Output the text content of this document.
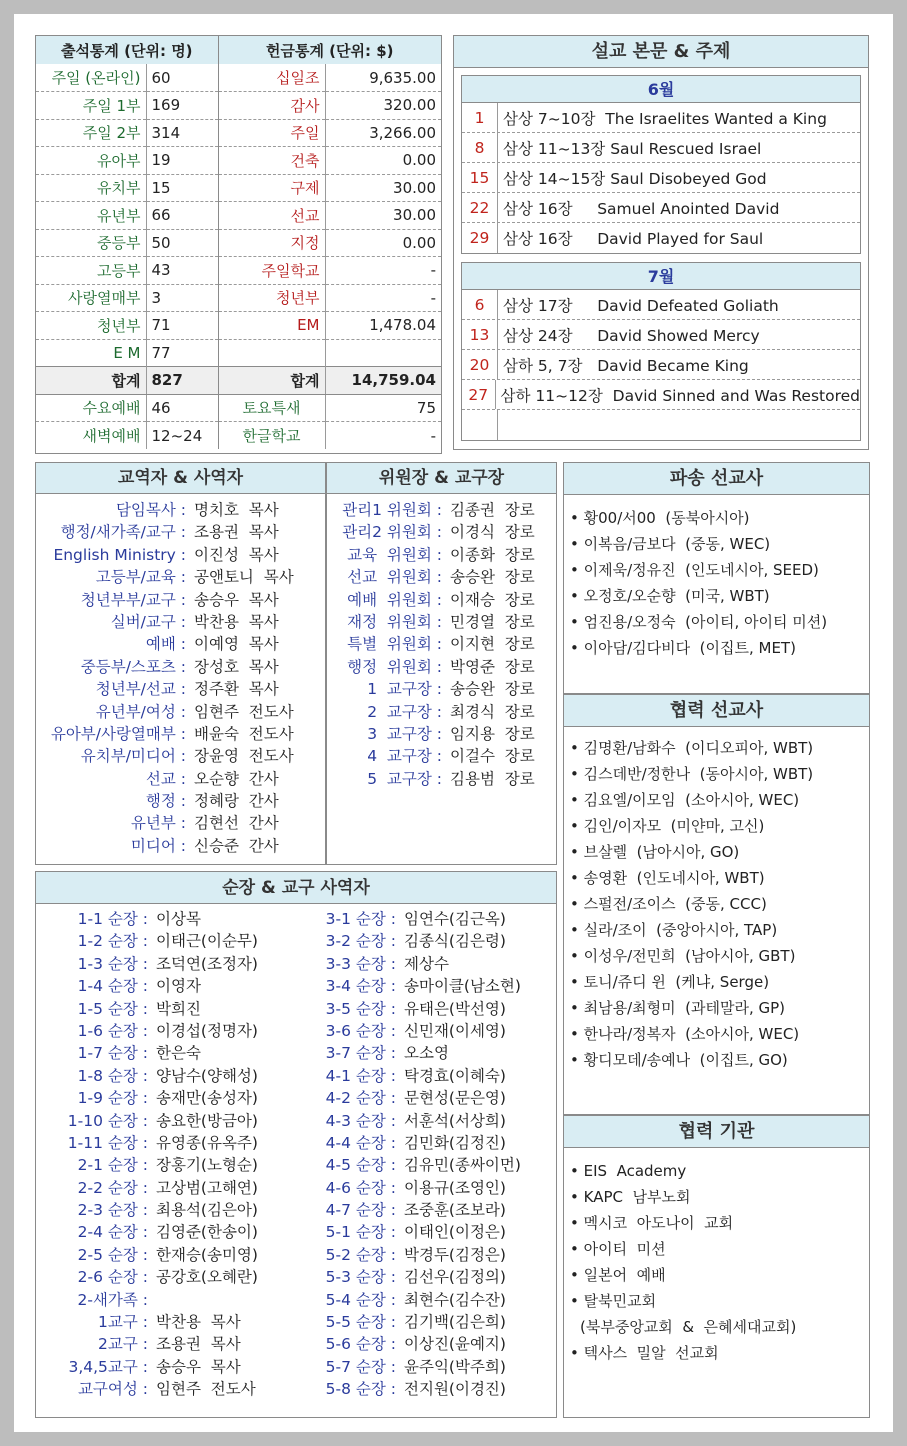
출석통계 (단위: 명)		헌금통계 (단위: $)	
주일 (온라인)	60	십일조	9,635.00
주일 1부	169	감사	320.00
주일 2부	314	주일	3,266.00
유아부	19	건축	0.00
유치부	15	구제	30.00
유년부	66	선교	30.00
중등부	50	지정	0.00
고등부	43	주일학교	-
사랑열매부	3	청년부	-
청년부	71	EM	1,478.04
E M	77		
합계	827	합계	14,759.04
수요예배	46	토요특새	75
새벽예배	12~24	한글학교	-
설교 본문 & 주제
6월
1	삼상 7~10장  The Israelites Wanted a King
8	삼상 11~13장 Saul Rescued Israel
15 삼상 14~15장 Saul Disobeyed God
22 삼상 16장     Samuel Anointed David
29 삼상 16장     David Played for Saul
7월
6	삼상 17장     David Defeated Goliath
13 삼상 24장     David Showed Mercy
20 삼하 5, 7장   David Became King
27 삼하 11~12장  David Sinned and Was Restored
교역자 & 사역자
담임목사 : 명치호  목사
행정/새가족/교구 : 조용권  목사
English Ministry : 이진성  목사
고등부/교육 : 공앤토니  목사
청년부부/교구 : 송승우  목사
실버/교구 : 박찬용  목사
예배 : 이예영  목사
중등부/스포츠 : 장성호  목사
청년부/선교 : 정주환  목사
유년부/여성 : 임현주  전도사
유아부/사랑열매부 : 배윤숙  전도사
유치부/미디어 : 장윤영  전도사
선교 : 오순향  간사
행정 : 정혜랑  간사
유년부 : 김현선  간사
미디어 : 신승준  간사
위원장 & 교구장
관리1 위원회 : 김종권  장로
관리2 위원회 : 이경식  장로
교육  위원회 : 이종화  장로
선교  위원회 : 송승완  장로
예배  위원회 : 이재승  장로
재정  위원회 : 민경열  장로
특별  위원회 : 이지현  장로
행정  위원회 : 박영준  장로
1  교구장 : 송승완  장로
2  교구장 : 최경식  장로
3  교구장 : 임지용  장로
4  교구장 : 이걸수  장로
5  교구장 : 김용범  장로
파송 선교사
• 황00/서00  (동북아시아)
• 이복음/금보다  (중동, WEC)
• 이제욱/정유진  (인도네시아, SEED)
• 오정호/오순향  (미국, WBT)
• 엄진용/오정숙  (아이티, 아이티 미션)
• 이아담/김다비다  (이집트, MET)
협력 선교사
• 김명환/남화수  (이디오피아, WBT)
• 김스데반/정한나  (동아시아, WBT)
• 김요엘/이모임  (소아시아, WEC)
• 김인/이자모  (미얀마, 고신)
• 브살렐  (남아시아, GO)
• 송영환  (인도네시아, WBT)
• 스펄전/조이스  (중동, CCC)
• 실라/조이  (중앙아시아, TAP)
• 이성우/전민희  (남아시아, GBT)
• 토니/쥬디 윈  (케냐, Serge)
• 최남용/최형미  (과테말라, GP)
• 한나라/정복자  (소아시아, WEC)
• 황디모데/송예나  (이집트, GO)
협력 기관
• EIS  Academy
• KAPC  남부노회
• 멕시코  아도나이  교회
• 아이티  미션
• 일본어  예배
• 탈북민교회
(북부중앙교회  &  은혜세대교회)
• 텍사스  밀알  선교회
순장 & 교구 사역자
1-1 순장 : 이상목
1-2 순장 : 이태근(이순무)
1-3 순장 : 조덕연(조정자)
1-4 순장 : 이영자
1-5 순장 : 박희진
1-6 순장 : 이경섭(정명자)
1-7 순장 : 한은숙
1-8 순장 : 양남수(양해성)
1-9 순장 : 송재만(송성자)
1-10 순장 : 송요한(방금아)
1-11 순장 : 유영종(유옥주)
2-1 순장 : 장홍기(노형순)
2-2 순장 : 고상범(고해연)
2-3 순장 : 최용석(김은아)
2-4 순장 : 김영준(한송이)
2-5 순장 : 한재승(송미영)
2-6 순장 : 공강호(오혜란)
2-새가족 :
1교구 : 박찬용  목사
2교구 : 조용권  목사
3,4,5교구 : 송승우  목사
교구여성 : 임현주  전도사
3-1 순장 : 임연수(김근옥)
3-2 순장 : 김종식(김은령)
3-3 순장 : 제상수
3-4 순장 : 송마이클(남소현)
3-5 순장 : 유태은(박선영)
3-6 순장 : 신민재(이세영)
3-7 순장 : 오소영
4-1 순장 : 탁경효(이혜숙)
4-2 순장 : 문현성(문은영)
4-3 순장 : 서훈석(서상희)
4-4 순장 : 김민화(김정진)
4-5 순장 : 김유민(종싸이먼)
4-6 순장 : 이용규(조영인)
4-7 순장 : 조중훈(조보라)
5-1 순장 : 이태인(이정은)
5-2 순장 : 박경두(김정은)
5-3 순장 : 김선우(김정의)
5-4 순장 : 최현수(김수잔)
5-5 순장 : 김기백(김은희)
5-6 순장 : 이상진(윤예지)
5-7 순장 : 윤주익(박주희)
5-8 순장 : 전지원(이경진)
